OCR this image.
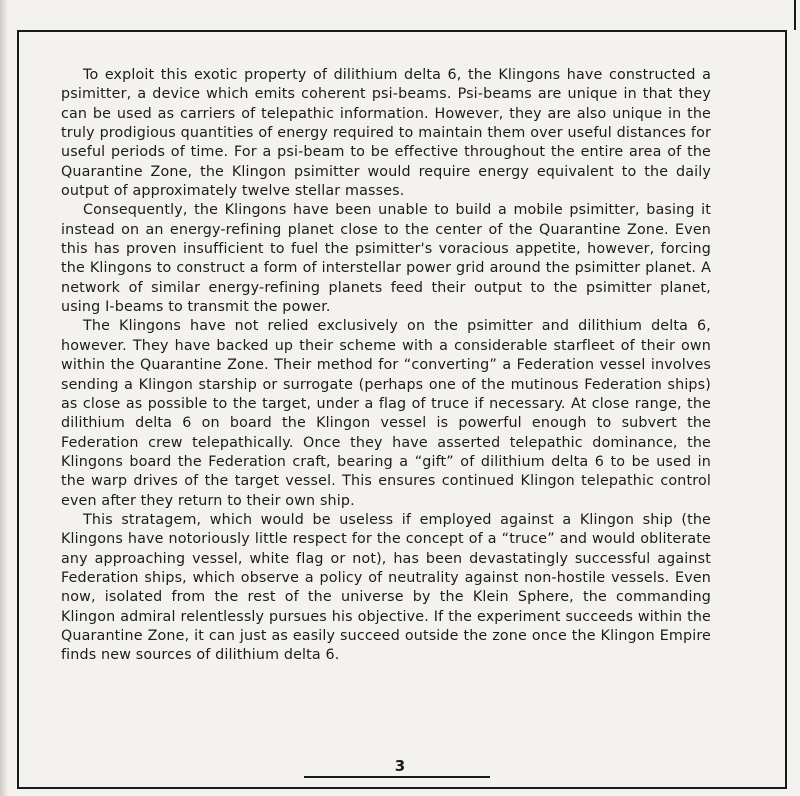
To exploit this exotic property of dilithium delta 6, the Klingons have constructed a psimitter, a device which emits coherent psi-beams. Psi-beams are unique in that they can be used as carriers of telepathic information. However, they are also unique in the truly prodigious quantities of energy required to maintain them over useful distances for useful periods of time. For a psi-beam to be effective throughout the entire area of the Quarantine Zone, the Klingon psimitter would require energy equivalent to the daily output of approximately twelve stellar masses.

Consequently, the Klingons have been unable to build a mobile psimitter, basing it instead on an energy-refining planet close to the center of the Quarantine Zone. Even this has proven insufficient to fuel the psimitter's voracious appetite, however, forcing the Klingons to construct a form of interstellar power grid around the psimitter planet. A network of similar energy-refining planets feed their output to the psimitter planet, using I-beams to transmit the power.

The Klingons have not relied exclusively on the psimitter and dilithium delta 6, however. They have backed up their scheme with a considerable starfleet of their own within the Quarantine Zone. Their method for “converting” a Federation vessel involves sending a Klingon starship or surrogate (perhaps one of the mutinous Federation ships) as close as possible to the target, under a flag of truce if necessary. At close range, the dilithium delta 6 on board the Klingon vessel is powerful enough to subvert the Federation crew telepathically. Once they have asserted telepathic dominance, the Klingons board the Federation craft, bearing a “gift” of dilithium delta 6 to be used in the warp drives of the target vessel. This ensures continued Klingon telepathic control even after they return to their own ship.

This stratagem, which would be useless if employed against a Klingon ship (the Klingons have notoriously little respect for the concept of a “truce” and would obliterate any approaching vessel, white flag or not), has been devastatingly successful against Federation ships, which observe a policy of neutrality against non-hostile vessels. Even now, isolated from the rest of the universe by the Klein Sphere, the commanding Klingon admiral relentlessly pursues his objective. If the experiment succeeds within the Quarantine Zone, it can just as easily succeed outside the zone once the Klingon Empire finds new sources of dilithium delta 6.

3
